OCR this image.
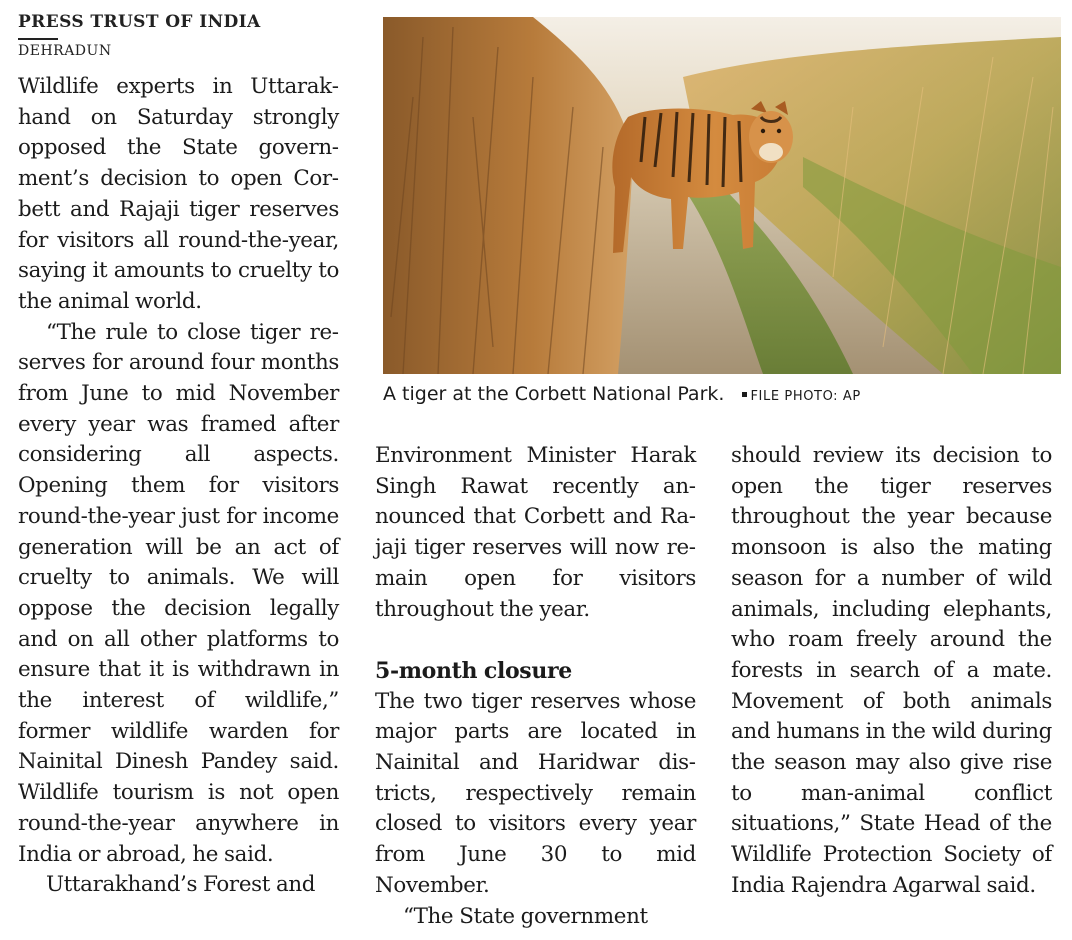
PRESS TRUST OF INDIA
DEHRADUN

Wildlife experts in Uttarakhand on Saturday strongly opposed the State government’s decision to open Corbett and Rajaji tiger reserves for visitors all round-the-year, saying it amounts to cruelty to the animal world.

“The rule to close tiger reserves for around four months from June to mid November every year was framed after considering all aspects. Opening them for visitors round-the-year just for income generation will be an act of cruelty to animals. We will oppose the decision legally and on all other platforms to ensure that it is withdrawn in the interest of wildlife,” former wildlife warden for Nainital Dinesh Pandey said. Wildlife tourism is not open round-the-year anywhere in India or abroad, he said.

Uttarakhand’s Forest and

A tiger at the Corbett National Park. FILE PHOTO: AP

Environment Minister Harak Singh Rawat recently announced that Corbett and Rajaji tiger reserves will now remain open for visitors throughout the year.

5-month closure

The two tiger reserves whose major parts are located in Nainital and Haridwar districts, respectively remain closed to visitors every year from June 30 to mid November.

“The State government

should review its decision to open the tiger reserves throughout the year because monsoon is also the mating season for a number of wild animals, including elephants, who roam freely around the forests in search of a mate. Movement of both animals and humans in the wild during the season may also give rise to man-animal conflict situations,” State Head of the Wildlife Protection Society of India Rajendra Agarwal said.
